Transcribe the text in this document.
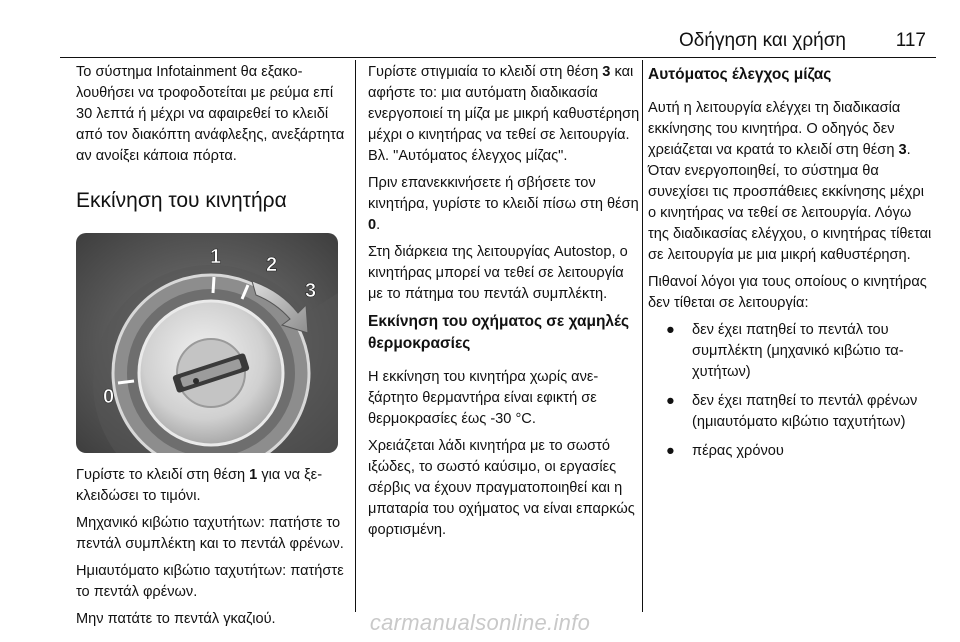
Οδήγηση και χρήση	117

Το σύστημα Infotainment θα εξακολουθήσει να τροφοδοτείται με ρεύμα επί 30 λεπτά ή μέχρι να αφαιρεθεί το κλειδί από τον διακόπτη ανάφλεξης, ανεξάρτητα αν ανοίξει κάποια πόρτα.

Εκκίνηση του κινητήρα
0
1 2
3

Γυρίστε το κλειδί στη θέση 1 για να ξεκλειδώσει το τιμόνι.

Μηχανικό κιβώτιο ταχυτήτων: πατήστε το πεντάλ συμπλέκτη και το πεντάλ φρένων.

Ημιαυτόματο κιβώτιο ταχυτήτων: πατήστε το πεντάλ φρένων.

Μην πατάτε το πεντάλ γκαζιού.

Γυρίστε στιγμιαία το κλειδί στη θέση 3 και αφήστε το: μια αυτόματη διαδικασία ενεργοποιεί τη μίζα με μικρή καθυστέρηση μέχρι ο κινητήρας να τεθεί σε λειτουργία. Βλ. "Αυτόματος έλεγχος μίζας".

Πριν επανεκκινήσετε ή σβήσετε τον κινητήρα, γυρίστε το κλειδί πίσω στη θέση 0.

Στη διάρκεια της λειτουργίας Autostop, ο κινητήρας μπορεί να τεθεί σε λειτουργία με το πάτημα του πεντάλ συμπλέκτη.

Εκκίνηση του οχήματος σε χαμηλές θερμοκρασίες

Η εκκίνηση του κινητήρα χωρίς ανεξάρτητο θερμαντήρα είναι εφικτή σε θερμοκρασίες έως -30 °C.

Χρειάζεται λάδι κινητήρα με το σωστό ιξώδες, το σωστό καύσιμο, οι εργασίες σέρβις να έχουν πραγματοποιηθεί και η μπαταρία του οχήματος να είναι επαρκώς φορτισμένη.

Αυτόματος έλεγχος μίζας

Αυτή η λειτουργία ελέγχει τη διαδικασία εκκίνησης του κινητήρα. Ο οδηγός δεν χρειάζεται να κρατά το κλειδί στη θέση 3. Όταν ενεργοποιηθεί, το σύστημα θα συνεχίσει τις προσπάθειες εκκίνησης μέχρι ο κινητήρας να τεθεί σε λειτουργία. Λόγω της διαδικασίας ελέγχου, ο κινητήρας τίθεται σε λειτουργία με μια μικρή καθυστέρηση.

Πιθανοί λόγοι για τους οποίους ο κινητήρας δεν τίθεται σε λειτουργία:

● δεν έχει πατηθεί το πεντάλ του συμπλέκτη (μηχανικό κιβώτιο ταχυτήτων)
● δεν έχει πατηθεί το πεντάλ φρένων (ημιαυτόματο κιβώτιο ταχυτήτων)
● πέρας χρόνου
carmanualsonline.info
